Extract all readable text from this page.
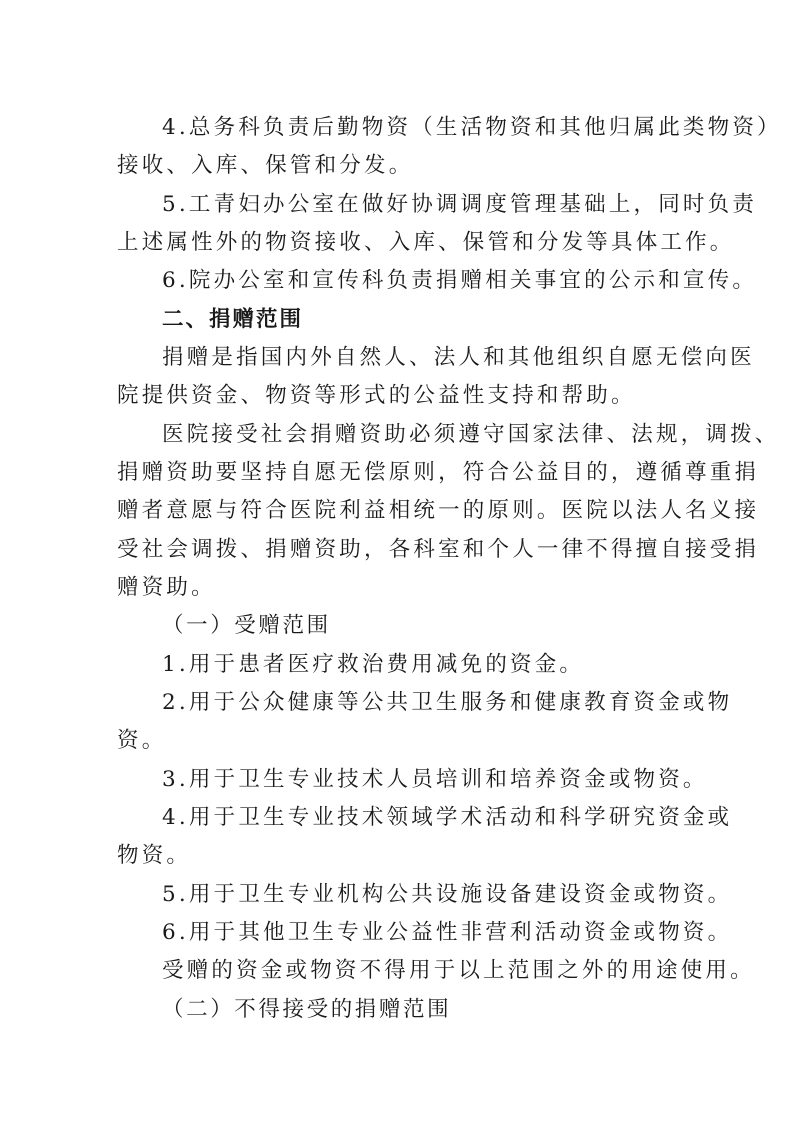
4.总务科负责后勤物资（生活物资和其他归属此类物资）
接收、入库、保管和分发。
5.工青妇办公室在做好协调调度管理基础上，同时负责
上述属性外的物资接收、入库、保管和分发等具体工作。
6.院办公室和宣传科负责捐赠相关事宜的公示和宣传。
二、捐赠范围
捐赠是指国内外自然人、法人和其他组织自愿无偿向医
院提供资金、物资等形式的公益性支持和帮助。
医院接受社会捐赠资助必须遵守国家法律、法规，调拨、
捐赠资助要坚持自愿无偿原则，符合公益目的，遵循尊重捐
赠者意愿与符合医院利益相统一的原则。医院以法人名义接
受社会调拨、捐赠资助，各科室和个人一律不得擅自接受捐
赠资助。
（一）受赠范围
1.用于患者医疗救治费用减免的资金。
2.用于公众健康等公共卫生服务和健康教育资金或物
资。
3.用于卫生专业技术人员培训和培养资金或物资。
4.用于卫生专业技术领域学术活动和科学研究资金或
物资。
5.用于卫生专业机构公共设施设备建设资金或物资。
6.用于其他卫生专业公益性非营利活动资金或物资。
受赠的资金或物资不得用于以上范围之外的用途使用。
（二）不得接受的捐赠范围
